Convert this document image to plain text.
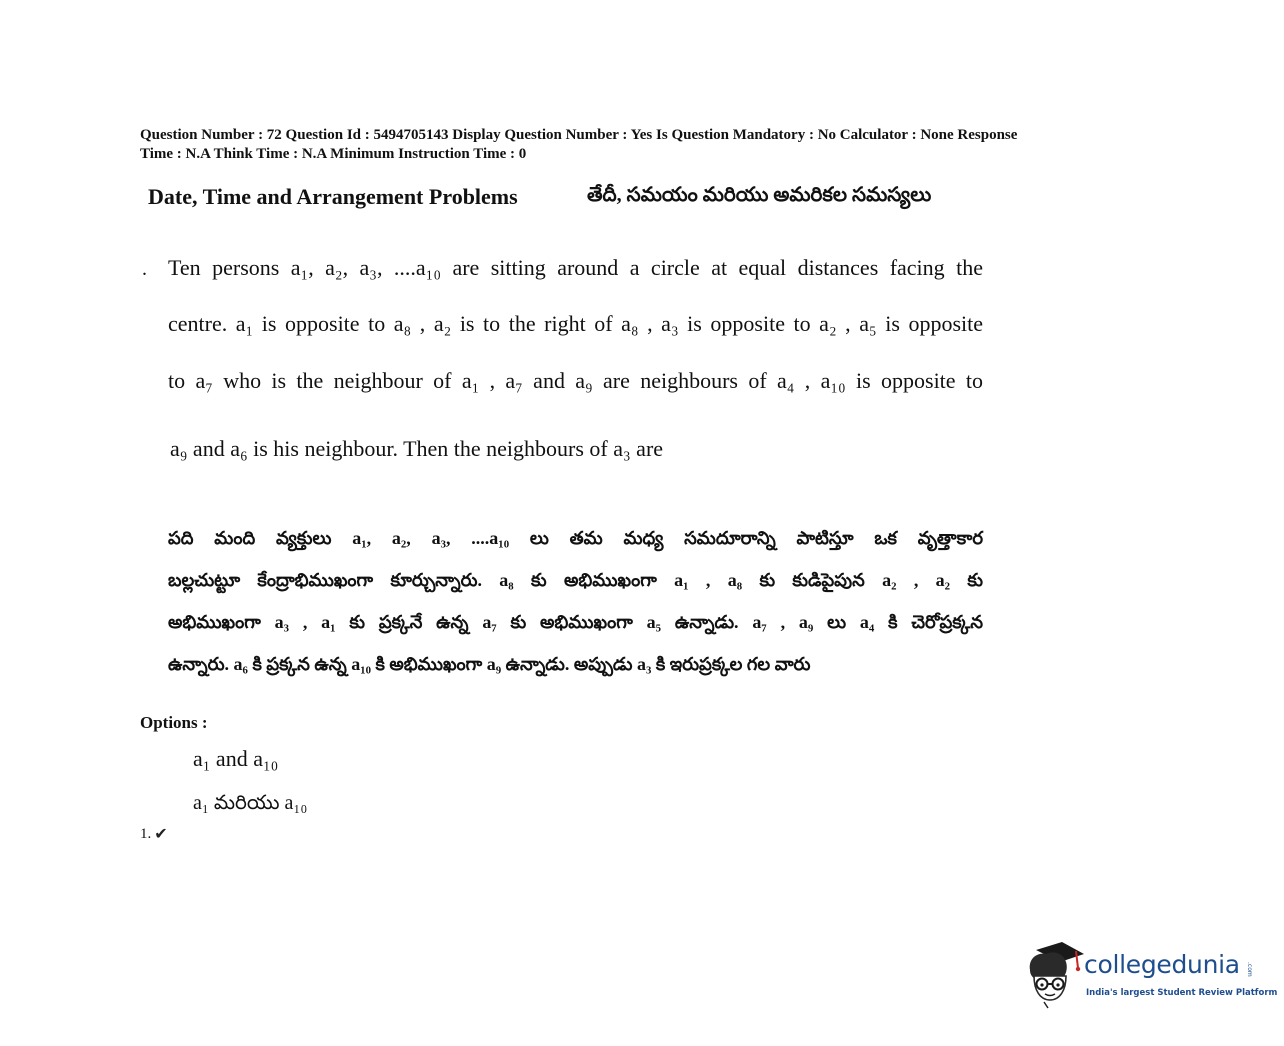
Question Number : 72 Question Id : 5494705143 Display Question Number : Yes Is Question Mandatory : No Calculator : None Response
Time : N.A Think Time : N.A Minimum Instruction Time : 0
Date, Time and Arrangement Problems	తేదీ, సమయం మరియు అమరికల సమస్యలు
. Ten persons a₁, a₂, a₃, ....a₁₀ are sitting around a circle at equal distances facing the
centre. a₁ is opposite to a₈ , a₂ is to the right of a₈ , a₃ is opposite to a₂ , a₅ is opposite
to a₇ who is the neighbour of a₁ , a₇ and a₉ are neighbours of a₄ , a₁₀ is opposite to
a₉ and a₆ is his neighbour. Then the neighbours of a₃ are
పది మంది వ్యక్తులు a₁, a₂, a₃, ....a₁₀ లు తమ మధ్య సమదూరాన్ని పాటిస్తూ ఒక వృత్తాకార
బల్లచుట్టూ కేంద్రాభిముఖంగా కూర్చున్నారు. a₈ కు అభిముఖంగా a₁ , a₈ కు కుడిపైపున a₂ , a₂ కు
అభిముఖంగా a₃ , a₁ కు ప్రక్కనే ఉన్న a₇ కు అభిముఖంగా a₅ ఉన్నాడు. a₇ , a₉ లు a₄ కి చెరోప్రక్కన
ఉన్నారు. a₆ కి ప్రక్కన ఉన్న a₁₀ కి అభిముఖంగా a₉ ఉన్నాడు. అప్పుడు a₃ కి ఇరుప్రక్కల గల వారు
Options :
a₁ and a₁₀
a₁ మరియు a₁₀
1. ✔
collegedunia .com
India's largest Student Review Platform
